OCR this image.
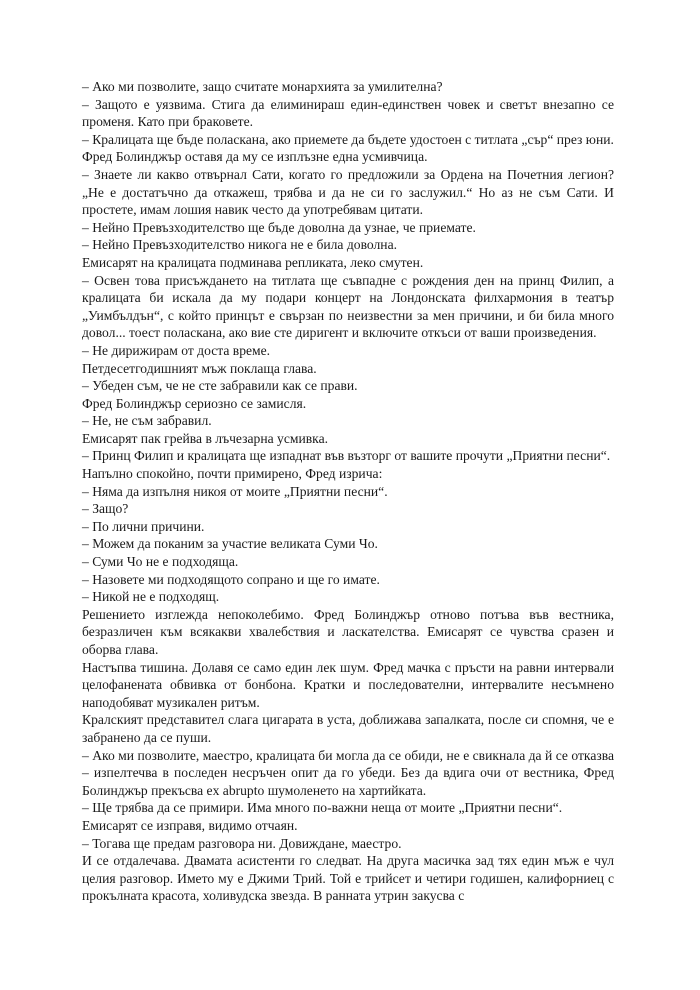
– Ако ми позволите, защо считате монархията за умилителна?

– Защото е уязвима. Стига да елиминираш един-единствен човек и светът внезапно се променя. Като при браковете.

– Кралицата ще бъде поласкана, ако приемете да бъдете удостоен с титлата „сър“ през юни.

Фред Болинджър оставя да му се изплъзне една усмивчица.

– Знаете ли какво отвърнал Сати, когато го предложили за Ордена на Почетния легион? „Не е достатъчно да откажеш, трябва и да не си го заслужил.“ Но аз не съм Сати. И простете, имам лошия навик често да употребявам цитати.

– Нейно Превъзходителство ще бъде доволна да узнае, че приемате.

– Нейно Превъзходителство никога не е била доволна.

Емисарят на кралицата подминава репликата, леко смутен.

– Освен това присъждането на титлата ще съвпадне с рождения ден на принц Филип, а кралицата би искала да му подари концерт на Лондонската филхармония в театър „Уимбълдън“, с който принцът е свързан по неизвестни за мен причини, и би била много довол... тоест поласкана, ако вие сте диригент и включите откъси от ваши произведения.

– Не дирижирам от доста време.

Петдесетгодишният мъж поклаща глава.

– Убеден съм, че не сте забравили как се прави.

Фред Болинджър сериозно се замисля.

– Не, не съм забравил.

Емисарят пак грейва в лъчезарна усмивка.

– Принц Филип и кралицата ще изпаднат във възторг от вашите прочути „Приятни песни“.

Напълно спокойно, почти примирено, Фред изрича:

– Няма да изпълня никоя от моите „Приятни песни“.

– Защо?

– По лични причини.

– Можем да поканим за участие великата Суми Чо.

– Суми Чо не е подходяща.

– Назовете ми подходящото сопрано и ще го имате.

– Никой не е подходящ.

Решението изглежда непоколебимо. Фред Болинджър отново потъва във вестника, безразличен към всякакви хвалебствия и ласкателства. Емисарят се чувства сразен и оборва глава.

Настъпва тишина. Долавя се само един лек шум. Фред мачка с пръсти на равни интервали целофанената обвивка от бонбона. Кратки и последователни, интервалите несъмнено наподобяват музикален ритъм.

Кралският представител слага цигарата в уста, доближава запалката, после си спомня, че е забранено да се пуши.

– Ако ми позволите, маестро, кралицата би могла да се обиди, не е свикнала да й се отказва – изпелтечва в последен несръчен опит да го убеди. Без да вдига очи от вестника, Фред Болинджър прекъсва ex abrupto шумоленето на хартийката.

– Ще трябва да се примири. Има много по-важни неща от моите „Приятни песни“.

Емисарят се изправя, видимо отчаян.

– Тогава ще предам разговора ни. Довиждане, маестро.

И се отдалечава. Двамата асистенти го следват. На друга масичка зад тях един мъж е чул целия разговор. Името му е Джими Трий. Той е трийсет и четири годишен, калифорниец с прокълната красота, холивудска звезда. В ранната утрин закусва с
